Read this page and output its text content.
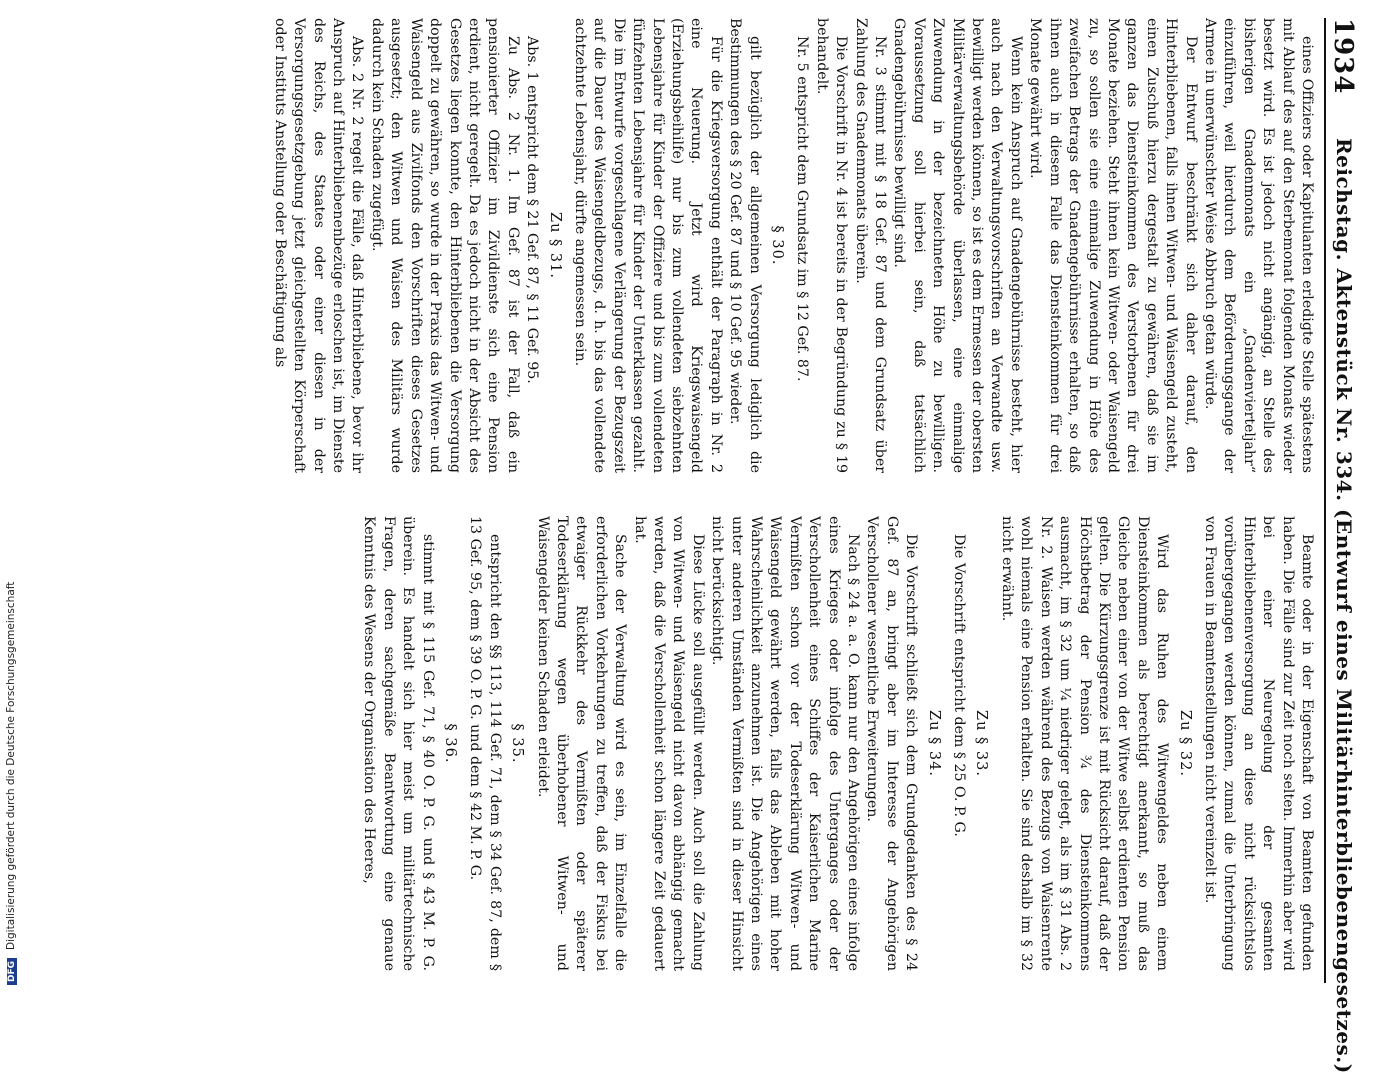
1934
Reichstag. Aktenstück Nr. 334. (Entwurf eines Militärhinterbliebenengesetzes.)

eines Offiziers oder Kapitulanten erledigte Stelle spätestens mit Ablauf des auf den Sterbemonat folgenden Monats wieder besetzt wird. Es ist jedoch nicht angängig, an Stelle des bisherigen Gnadenmonats ein „Gnadenvierteljahr“ einzuführen, weil hierdurch dem Beförderungsgange der Armee in unerwünschter Weise Abbruch getan würde.

Der Entwurf beschränkt sich daher darauf, den Hinterbliebenen, falls ihnen Witwen- und Waisengeld zusteht, einen Zuschuß hierzu dergestalt zu gewähren, daß sie im ganzen das Diensteinkommen des Verstorbenen für drei Monate beziehen. Steht ihnen kein Witwen- oder Waisengeld zu, so sollen sie eine einmalige Zuwendung in Höhe des zweifachen Betrags der Gnadengebührnisse erhalten, so daß ihnen auch in diesem Falle das Diensteinkommen für drei Monate gewährt wird.

Wenn kein Anspruch auf Gnadengebührnisse besteht, hier auch nach den Verwaltungsvorschriften an Verwandte usw. bewilligt werden können, so ist es dem Ermessen der obersten Militärverwaltungsbehörde überlassen, eine einmalige Zuwendung in der bezeichneten Höhe zu bewilligen. Voraussetzung soll hierbei sein, daß tatsächlich Gnadengebührnisse bewilligt sind.

Nr. 3 stimmt mit § 18 Gef. 87 und dem Grundsatz über Zahlung des Gnadenmonats überein.

Die Vorschrift in Nr. 4 ist bereits in der Begründung zu § 19 behandelt.

Nr. 5 entspricht dem Grundsatz im § 12 Gef. 87.

§ 30.

gilt bezüglich der allgemeinen Versorgung lediglich die Bestimmungen des § 20 Gef. 87 und § 10 Gef. 95 wieder.

Für die Kriegsversorgung enthält der Paragraph in Nr. 2 eine Neuerung. Jetzt wird Kriegswaisengeld (Erziehungsbeihilfe) nur bis zum vollendeten siebzehnten Lebensjahre für Kinder der Offiziere und bis zum vollendeten fünfzehnten Lebensjahre für Kinder der Unterklassen gezahlt. Die im Entwurfe vorgeschlagene Verlängerung der Bezugszeit auf die Dauer des Waisengeldbezugs, d. h. bis das vollendete achtzehnte Lebensjahr, dürfte angemessen sein.

Zu § 31.

Abs. 1 entspricht dem § 21 Gef. 87, § 11 Gef. 95.

Zu Abs. 2 Nr. 1. Im Gef. 87 ist der Fall, daß ein pensionierter Offizier im Zivildienste sich eine Pension erdient, nicht geregelt. Da es jedoch nicht in der Absicht des Gesetzes liegen konnte, den Hinterbliebenen die Versorgung doppelt zu gewähren, so wurde in der Praxis das Witwen- und Waisengeld aus Zivilfonds den Vorschriften dieses Gesetzes ausgesetzt; den Witwen und Waisen des Militärs wurde dadurch kein Schaden zugefügt.

Abs. 2 Nr. 2 regelt die Fälle, daß Hinterbliebene, bevor ihr Anspruch auf Hinterbliebenenbezüge erloschen ist, im Dienste des Reichs, des Staates oder einer diesen in der Versorgungsgesetzgebung jetzt gleichgestellten Körperschaft oder Instituts Anstellung oder Beschäftigung als

Beamte oder in der Eigenschaft von Beamten gefunden haben. Die Fälle sind zur Zeit noch selten. Immerhin aber wird bei einer Neuregelung der gesamten Hinterbliebenenversorgung an diese nicht rücksichtslos vorübergegangen werden können, zumal die Unterbringung von Frauen in Beamtenstellungen nicht vereinzelt ist.

Zu § 32.

Wird das Ruhen des Witwengeldes neben einem Diensteinkommen als berechtigt anerkannt, so muß das Gleiche neben einer von der Witwe selbst erdienten Pension gelten. Die Kürzungsgrenze ist mit Rücksicht darauf, daß der Höchstbetrag der Pension ¾ des Diensteinkommens ausmacht, im § 32 um ¼ niedriger gelegt, als im § 31 Abs. 2 Nr. 2. Waisen werden während des Bezugs von Waisenrente wohl niemals eine Pension erhalten. Sie sind deshalb im § 32 nicht erwähnt.

Zu § 33.

Die Vorschrift entspricht dem § 25 O. P. G.

Zu § 34.

Die Vorschrift schließt sich dem Grundgedanken des § 24 Gef. 87 an, bringt aber im Interesse der Angehörigen Verschollener wesentliche Erweiterungen.

Nach § 24 a. a. O. kann nur den Angehörigen eines infolge eines Krieges oder infolge des Unterganges oder der Verschollenheit eines Schiffes der Kaiserlichen Marine Vermißten schon vor der Todeserklärung Witwen- und Waisengeld gewährt werden, falls das Ableben mit hoher Wahrscheinlichkeit anzunehmen ist. Die Angehörigen eines unter anderen Umständen Vermißten sind in dieser Hinsicht nicht berücksichtigt.

Diese Lücke soll ausgefüllt werden. Auch soll die Zahlung von Witwen- und Waisengeld nicht davon abhängig gemacht werden, daß die Verschollenheit schon längere Zeit gedauert hat.

Sache der Verwaltung wird es sein, im Einzelfalle die erforderlichen Vorkehrungen zu treffen, daß der Fiskus bei etwaiger Rückkehr des Vermißten oder späterer Todeserklärung wegen überhobener Witwen- und Waisengelder keinen Schaden erleidet.

§ 35.

entspricht den §§ 113, 114 Gef. 71, dem § 34 Gef. 87, dem § 13 Gef. 95, dem § 39 O. P. G. und dem § 42 M. P. G.

§ 36.

stimmt mit § 115 Gef. 71, § 40 O. P. G. und § 43 M. P. G. überein. Es handelt sich hier meist um militärtechnische Fragen, deren sachgemäße Beantwortung eine genaue Kenntnis des Wesens der Organisation des Heeres,

DFGDigitalisierung gefördert durch die Deutsche Forschungsgemeinschaft
